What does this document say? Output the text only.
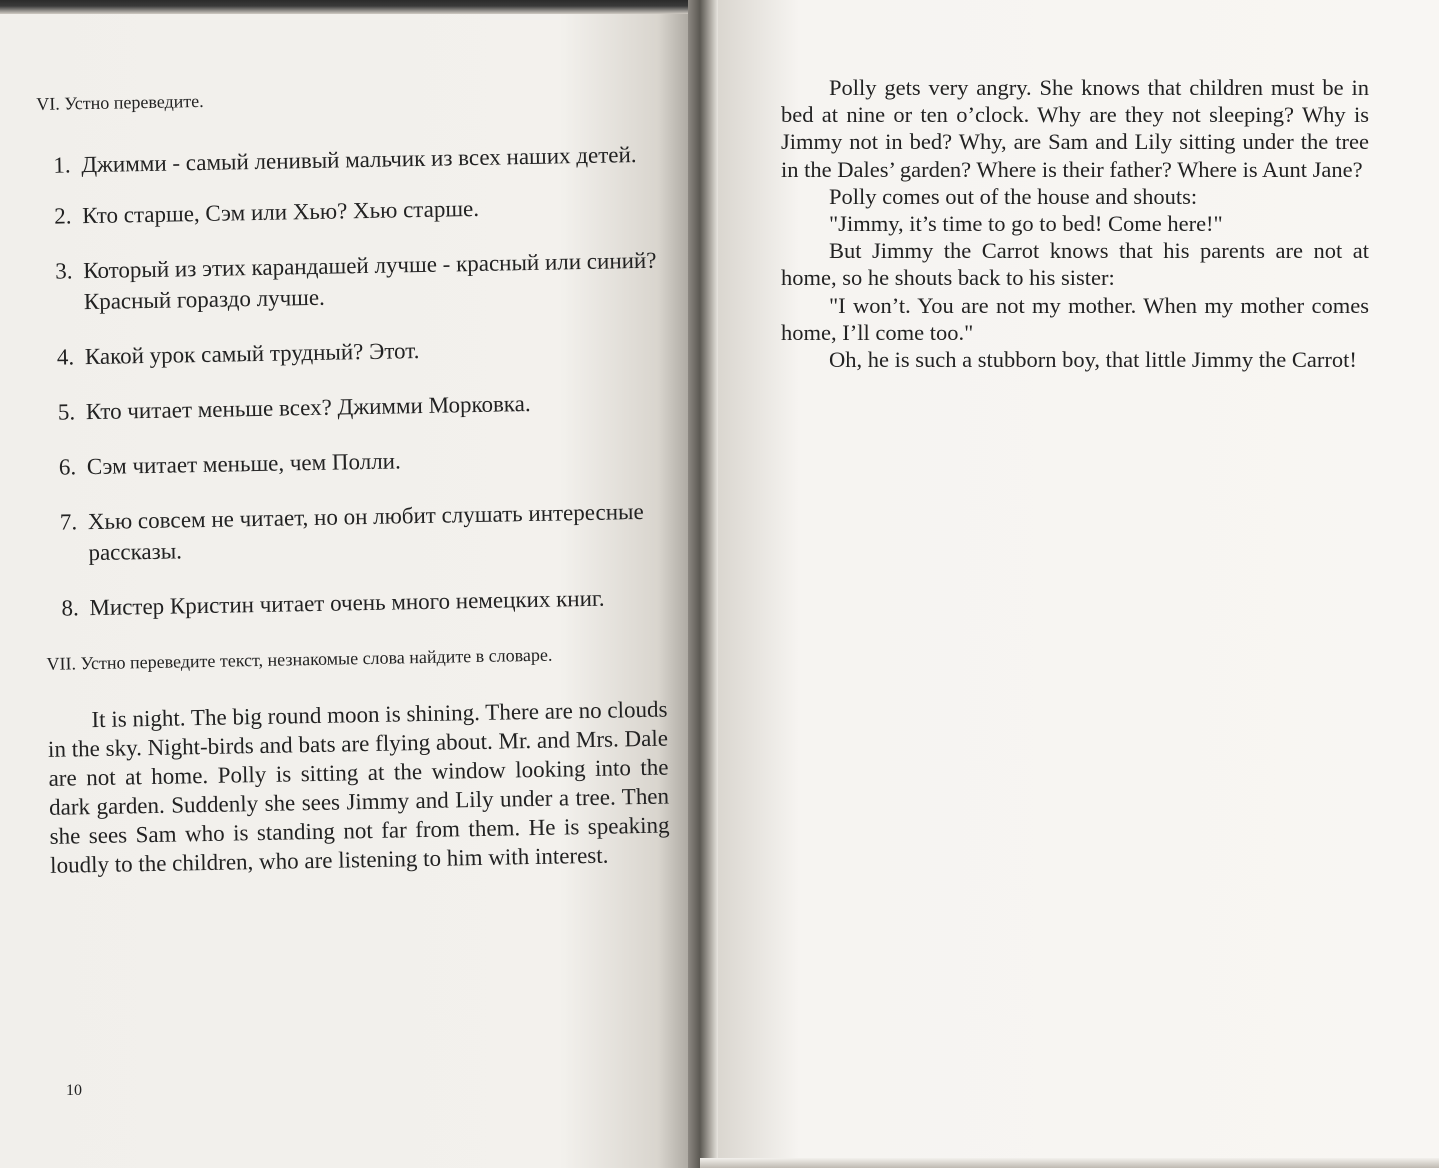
VI. Устно переведите.

1. Джимми - самый ленивый мальчик из всех наших детей.
2. Кто старше, Сэм или Хью? Хью старше.
3. Который из этих карандашей лучше - красный или синий? Красный гораздо лучше.
4. Какой урок самый трудный? Этот.
5. Кто читает меньше всех? Джимми Морковка.
6. Сэм читает меньше, чем Полли.
7. Хью совсем не читает, но он любит слушать интересные рассказы.
8. Мистер Кристин читает очень много немецких книг.

VII. Устно переведите текст, незнакомые слова найдите в словаре.

It is night. The big round moon is shining. There are no clouds in the sky. Night-birds and bats are flying about. Mr. and Mrs. Dale are not at home. Polly is sitting at the window looking into the dark garden. Suddenly she sees Jimmy and Lily under a tree. Then she sees Sam who is standing not far from them. He is speaking loudly to the children, who are listening to him with interest.

10

Polly gets very angry. She knows that children must be in bed at nine or ten o’clock. Why are they not sleeping? Why is Jimmy not in bed? Why, are Sam and Lily sitting under the tree in the Dales’ garden? Where is their father? Where is Aunt Jane?

Polly comes out of the house and shouts:

"Jimmy, it’s time to go to bed! Come here!"

But Jimmy the Carrot knows that his parents are not at home, so he shouts back to his sister:

"I won’t. You are not my mother. When my mother comes home, I’ll come too."

Oh, he is such a stubborn boy, that little Jimmy the Carrot!
